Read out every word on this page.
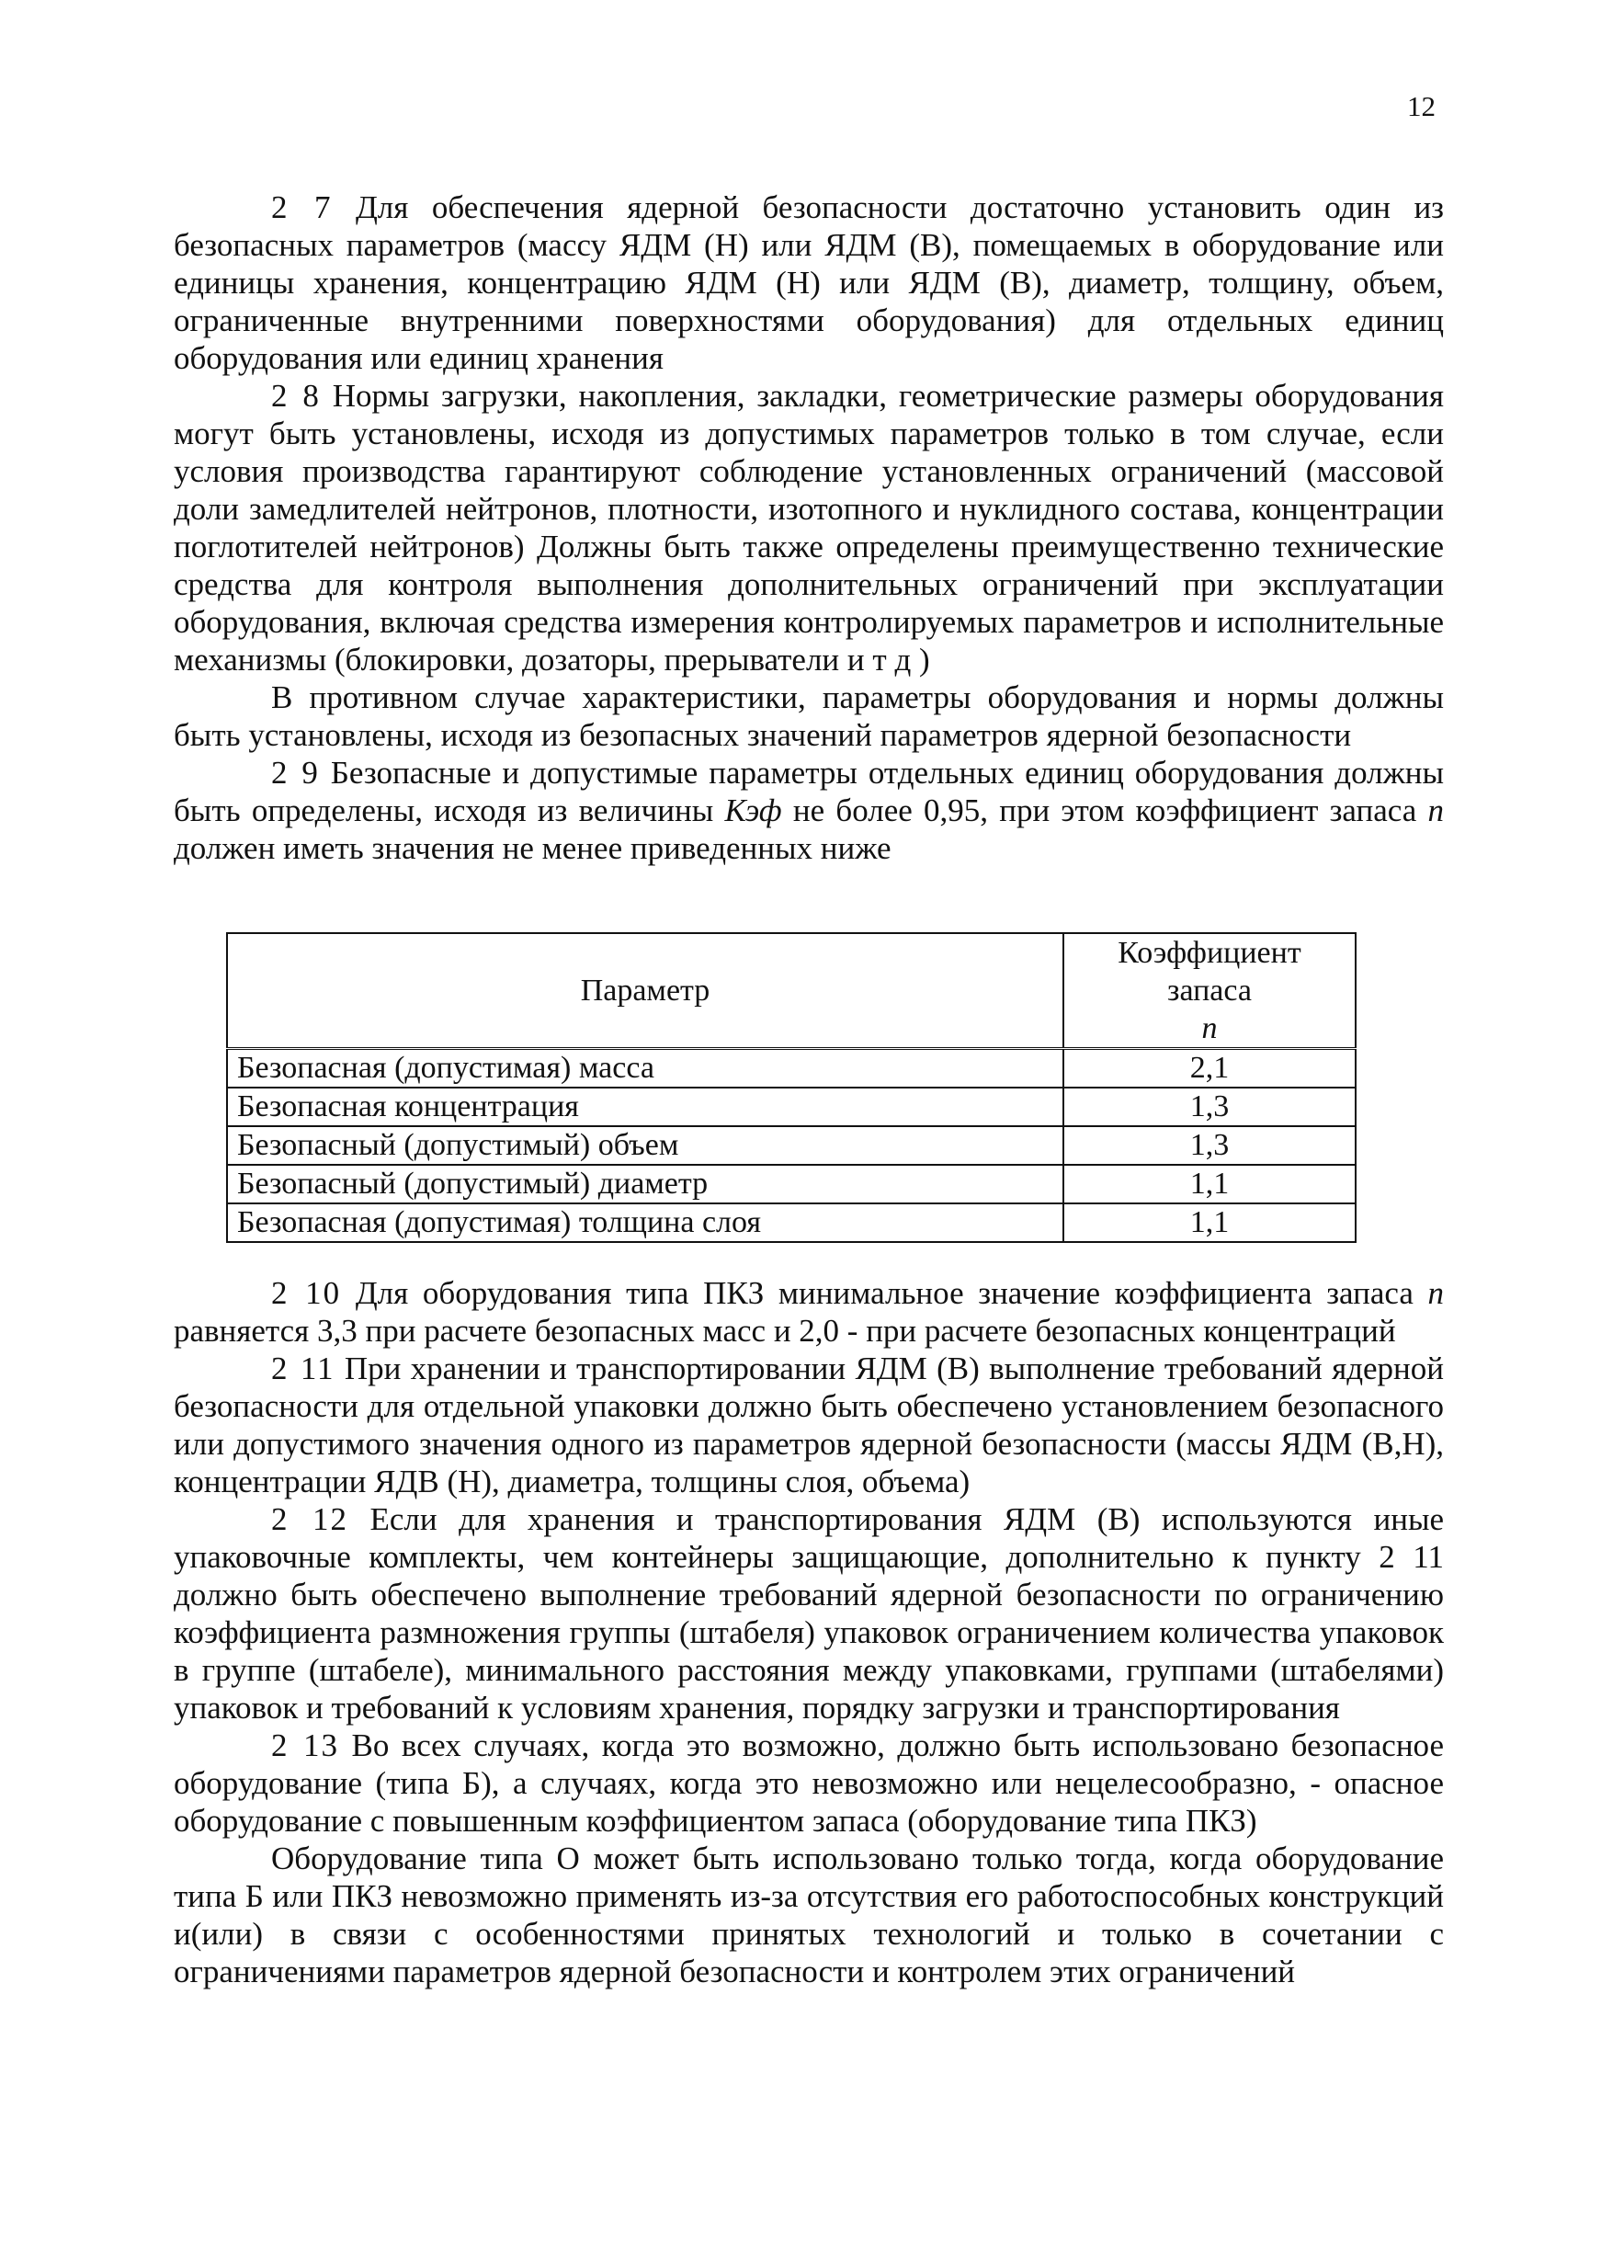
12

2 7 Для обеспечения ядерной безопасности достаточно установить один из безопасных параметров (массу ЯДМ (Н) или ЯДМ (В), помещаемых в оборудование или единицы хранения, концентрацию ЯДМ (Н) или ЯДМ (В), диаметр, толщину, объем, ограниченные внутренними поверхностями оборудования) для отдельных единиц оборудования или единиц хранения

2 8 Нормы загрузки, накопления, закладки, геометрические размеры оборудования могут быть установлены, исходя из допустимых параметров только в том случае, если условия производства гарантируют соблюдение установленных ограничений (массовой доли замедлителей нейтронов, плотности, изотопного и нуклидного состава, концентрации поглотителей нейтронов) Должны быть также определены преимущественно технические средства для контроля выполнения дополнительных ограничений при эксплуатации оборудования, включая средства измерения контролируемых параметров и исполнительные механизмы (блокировки, дозаторы, прерыватели и т д )

В противном случае характеристики, параметры оборудования и нормы должны быть установлены, исходя из безопасных значений параметров ядерной безопасности

2 9 Безопасные и допустимые параметры отдельных единиц оборудования должны быть определены, исходя из величины Кэф не более 0,95, при этом коэффициент запаса n должен иметь значения не менее приведенных ниже

Параметр	Коэффициент
запаса
n
Безопасная (допустимая) масса	2,1
Безопасная концентрация	1,3
Безопасный (допустимый) объем	1,3
Безопасный (допустимый) диаметр	1,1
Безопасная (допустимая) толщина слоя	1,1

2 10 Для оборудования типа ПКЗ минимальное значение коэффициента запаса n равняется 3,3 при расчете безопасных масс и 2,0 - при расчете безопасных концентраций

2 11 При хранении и транспортировании ЯДМ (В) выполнение требований ядерной безопасности для отдельной упаковки должно быть обеспечено установлением безопасного или допустимого значения одного из параметров ядерной безопасности (массы ЯДМ (В,Н), концентрации ЯДВ (Н), диаметра, толщины слоя, объема)

2 12 Если для хранения и транспортирования ЯДМ (В) используются иные упаковочные комплекты, чем контейнеры защищающие, дополнительно к пункту 2 11 должно быть обеспечено выполнение требований ядерной безопасности по ограничению коэффициента размножения группы (штабеля) упаковок ограничением количества упаковок в группе (штабеле), минимального расстояния между упаковками, группами (штабелями) упаковок и требований к условиям хранения, порядку загрузки и транспортирования

2 13 Во всех случаях, когда это возможно, должно быть использовано безопасное оборудование (типа Б), а случаях, когда это невозможно или нецелесообразно, - опасное оборудование с повышенным коэффициентом запаса (оборудование типа ПКЗ)

Оборудование типа О может быть использовано только тогда, когда оборудование типа Б или ПКЗ невозможно применять из-за отсутствия его работоспособных конструкций и(или) в связи с особенностями принятых технологий и только в сочетании с ограничениями параметров ядерной безопасности и контролем этих ограничений
